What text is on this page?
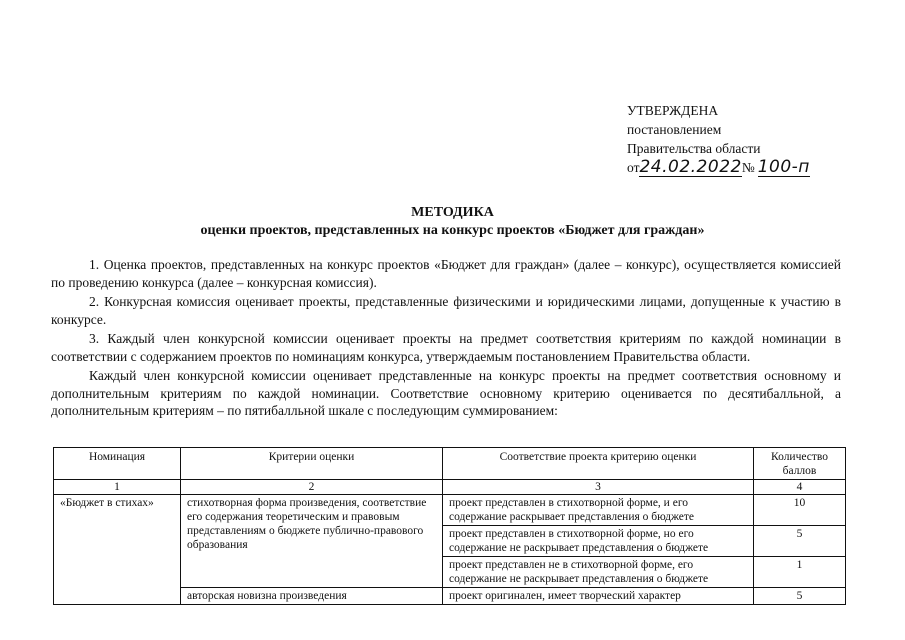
УТВЕРЖДЕНА
постановлением
Правительства области
от 24.02.2022 № 100-п
МЕТОДИКА
оценки проектов, представленных на конкурс проектов «Бюджет для граждан»

1. Оценка проектов, представленных на конкурс проектов «Бюджет для граждан» (далее – конкурс), осуществляется комиссией по проведению конкурса (далее – конкурсная комиссия).

2. Конкурсная комиссия оценивает проекты, представленные физическими и юридическими лицами, допущенные к участию в конкурсе.

3. Каждый член конкурсной комиссии оценивает проекты на предмет соответствия критериям по каждой номинации в соответствии с содержанием проектов по номинациям конкурса, утверждаемым постановлением Правительства области.

Каждый член конкурсной комиссии оценивает представленные на конкурс проекты на предмет соответствия основному и дополнительным критериям по каждой номинации. Соответствие основному критерию оценивается по десятибалльной, а дополнительным критериям – по пятибалльной шкале с последующим суммированием:

Номинация	Критерии оценки	Соответствие проекта критерию оценки	Количество баллов
1	2	3	4
«Бюджет в стихах»	стихотворная форма произведения, соответствие его содержания теоретическим и правовым представлениям о бюджете публично-правового образования	проект представлен в стихотворной форме, и его содержание раскрывает представления о бюджете	10
		проект представлен в стихотворной форме, но его содержание не раскрывает представления о бюджете	5
		проект представлен не в стихотворной форме, его содержание не раскрывает представления о бюджете	1
	авторская новизна произведения	проект оригинален, имеет творческий характер	5
